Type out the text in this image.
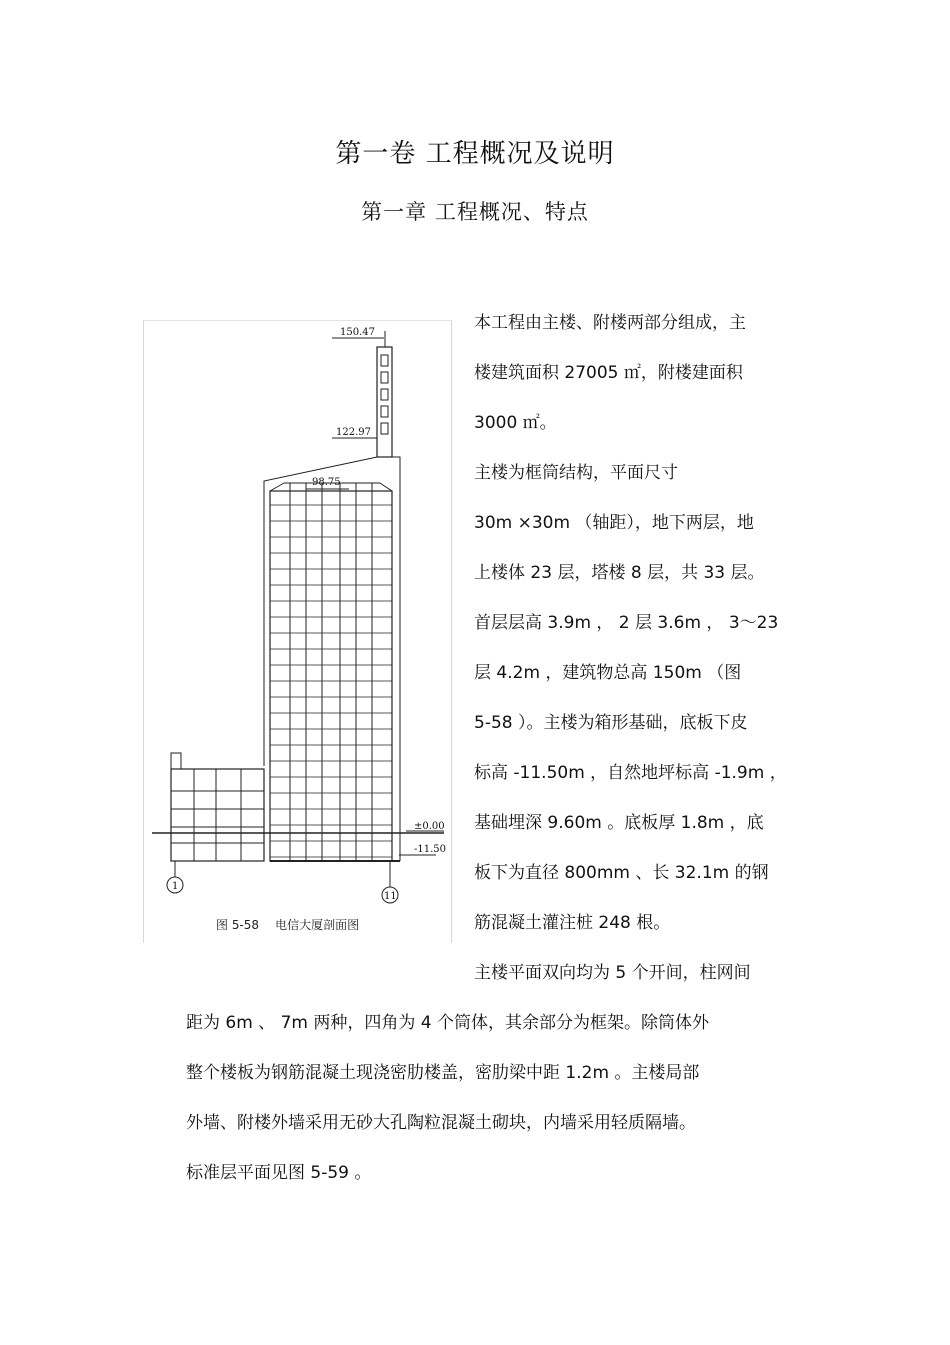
第一卷 工程概况及说明
第一章 工程概况、特点
150.47
122.97
98.75
±0.00
-11.50
1
11
图 5-58 电信大厦剖面图
本工程由主楼、附楼两部分组成，主
楼建筑面积 27005 ㎡，附楼建面积
3000 ㎡。
主楼为框筒结构，平面尺寸
30m ×30m （轴距），地下两层，地
上楼体 23 层，塔楼 8 层，共 33 层。
首层层高 3.9m ， 2 层 3.6m ， 3～23
层 4.2m ，建筑物总高 150m （图
5-58 ）。主楼为箱形基础，底板下皮
标高 -11.50m ，自然地坪标高 -1.9m ，
基础埋深 9.60m 。底板厚 1.8m ，底
板下为直径 800mm 、长 32.1m 的钢
筋混凝土灌注桩 248 根。
主楼平面双向均为 5 个开间，柱网间
距为 6m 、 7m 两种，四角为 4 个筒体，其余部分为框架。除筒体外
整个楼板为钢筋混凝土现浇密肋楼盖，密肋梁中距 1.2m 。主楼局部
外墙、附楼外墙采用无砂大孔陶粒混凝土砌块，内墙采用轻质隔墙。
标准层平面见图 5-59 。
